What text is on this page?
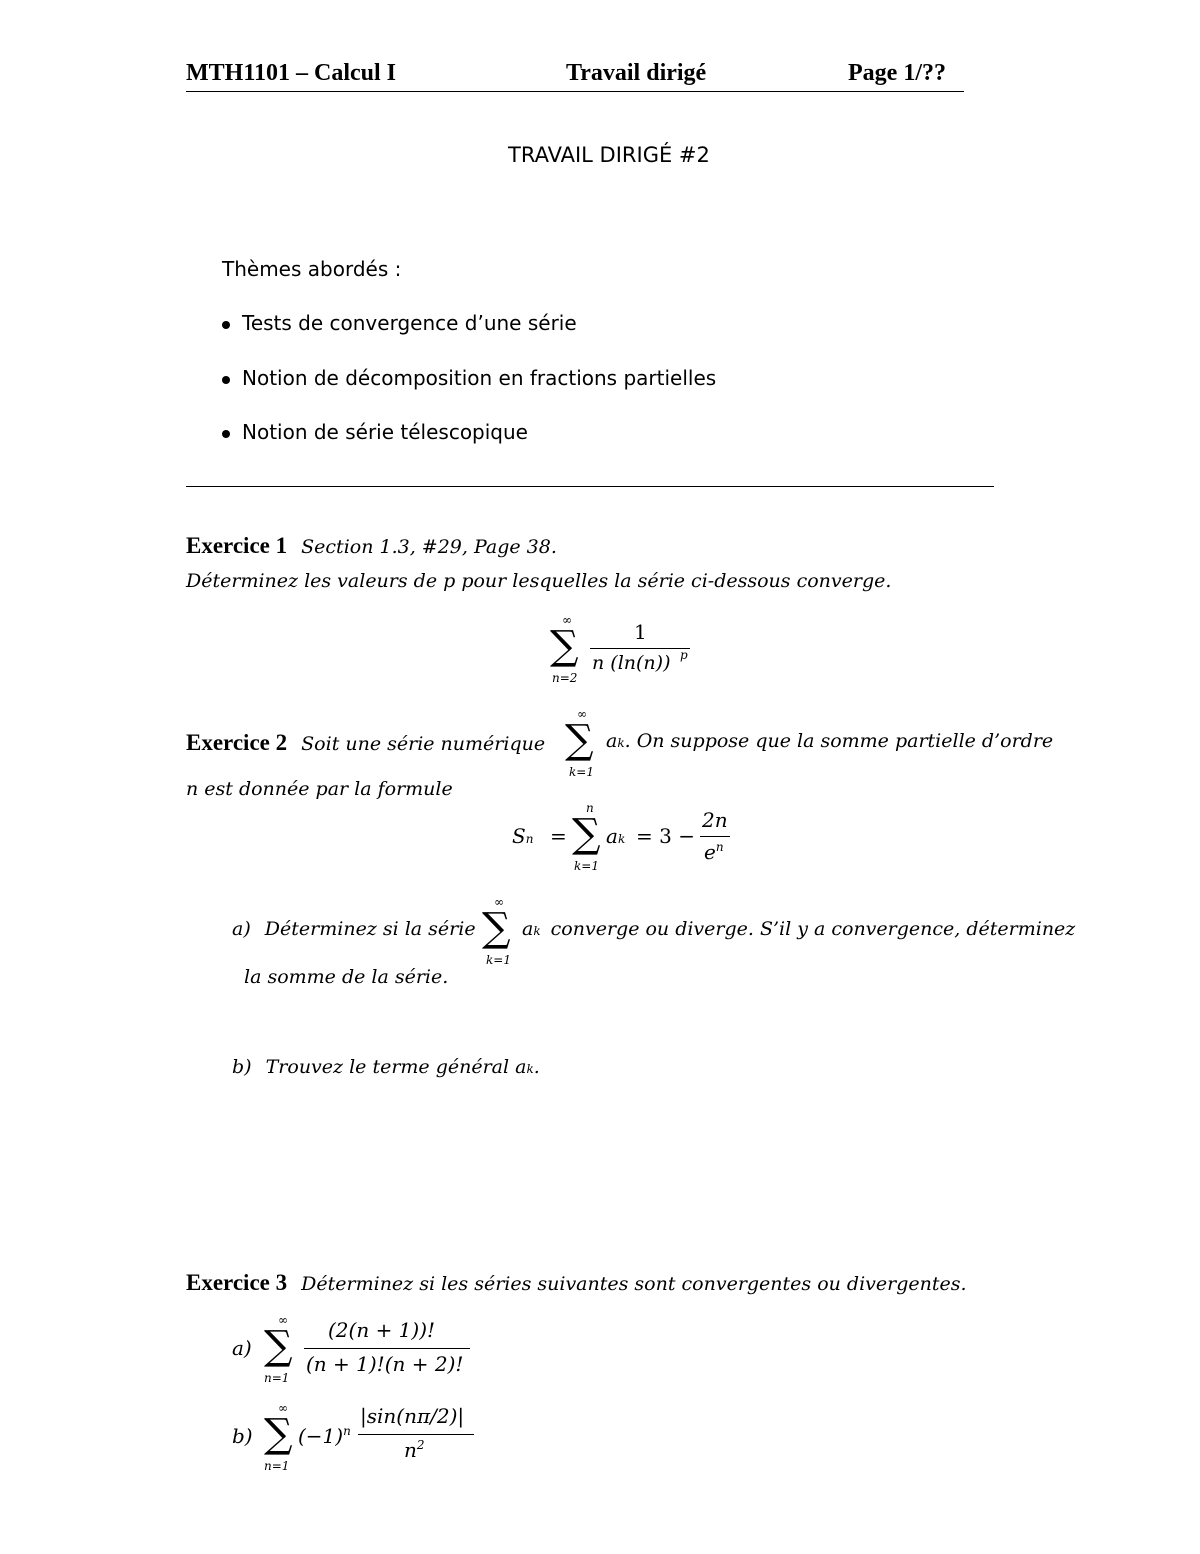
MTH1101 – Calcul I	Travail dirigé	Page 1/??
TRAVAIL DIRIGÉ #2
Thèmes abordés :
Tests de convergence d’une série
Notion de décomposition en fractions partielles
Notion de série télescopique
Exercice 1 Section 1.3, #29, Page 38.
Déterminez les valeurs de p pour lesquelles la série ci-dessous converge.
∞
∑
n=2
1
n (ln(n)) p
Exercice 2 Soit une série numérique
∞
∑
k=1
ak. On suppose que la somme partielle d’ordre
n est donnée par la formule
Sn =
n
∑
k=1
ak = 3 −
2n
$e^n$
a) Déterminez si la série
∞
∑
k=1
ak converge ou diverge. S’il y a convergence, déterminez
la somme de la série.
b) Trouvez le terme général ak.
Exercice 3 Déterminez si les séries suivantes sont convergentes ou divergentes.
a)
∞
∑
n=1
(2(n + 1))!
(n + 1)!(n + 2)!
b)
∞
∑
n=1
$(-1)^n$
|sin(nπ/2)|
$n^2$
